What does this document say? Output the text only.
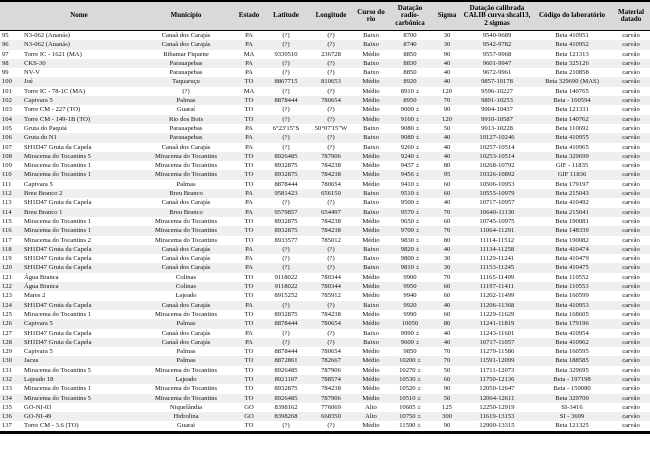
	Nome	Município	Estado	Latitude	Longitude	Curso do rio	Datação radio-carbônica	Sigma	Datação calibrada CALIB curva shcal13, 2 sigmas	Código do laboratório	Material datado
95	N3-062 (Ananás)	Canaã dos Carajás	PA	(?)	(?)	Baixo	8700	30	9540-9689	Beta 410951	carvão
96	N3-062 (Ananás)	Canaã dos Carajás	PA	(?)	(?)	Baixo	8740	30	9542-9782	Beta 410952	carvão
97	Torre IC - 1621 (MA)	Ribamar Fiquene	MA	9339510	236728	Médio	8850	90	9557-9968	Beta 121313	carvão
98	CKS-30	Parauapebas	PA	(?)	(?)	Baixo	8830	40	9601-9947	Beta 325126	carvão
99	NV-V	Parauapebas	PA	(?)	(?)	Baixo	8850	40	9672-9961	Beta 210858	carvão
100	Joé	Taquaruçu	TO	8867715	810653	Médio	8920	40	9857-10178	Beta 329690 (MAS)	carvão
101	Torre IC - 78-1C (MA)	(?)	MA	(?)	(?)	Médio	8910 ±	120	9596-10227	Beta 140765	carvão
102	Capivara 5	Palmas	TO	8878444	780654	Médio	8950	70	9891-10253	Beta - 160594	carvão
103	Torre CM - 227 (TO)	Guaraí	TO	(?)	(?)	Médio	9000 ±	90	9904-10437	Beta 121331	carvão
104	Torre CM - 149-1B (TO)	Rio dos Bois	TO	(?)	(?)	Médio	9160 ±	120	9910-10587	Beta 140762	carvão
105	Gruta do Paquiá	Parauapebas	PA	6°23'15"S	50°07'15"W	Baixo	9080 ±	50	9913-10228	Beta 110692	carvão
106	Gruta do N1	Parauapebas	PA	(?)	(?)	Baixo	9080 ±	40	10127-10246	Beta 410955	carvão
107	SH1D47 Gruta da Capela	Canaã dos Carajás	PA	(?)	(?)	Baixo	9260 ±	40	10257-10514	Beta 410965	carvão
108	Miracema do Tocantins 5	Miracema do Tocantins	TO	8926485	787906	Médio	9240 ±	40	10253-10514	Beta 329699	carvão
109	Miracema do Tocantins 1	Miracema do Tocantins	TO	8932875	784238	Médio	9437 ±	80	10268-10792	GIF - 11835	carvão
110	Miracema do Tocantins 1	Miracema do Tocantins	TO	8932875	784238	Médio	9456 ±	95	10326-10892	GIF 11836	carvão
111	Capivara 5	Palmas	TO	8878444	780654	Médio	9410 ±	60	10506-10953	Beta 179197	carvão
112	Breu Branco 2	Breu Branco	PA	9581423	656150	Baixo	9510 ±	60	10555-10979	Beta 215043	carvão
113	SH1D47 Gruta da Capela	Canaã dos Carajás	PA	(?)	(?)	Baixo	9500 ±	40	10717-10957	Beta 410492	carvão
114	Breu Branco 1	Breu Branco	PA	9579857	654497	Baixo	9570 ±	70	10640-11130	Beta 215041	carvão
115	Miracema do Tocantins 1	Miracema do Tocantins	TO	8932875	784238	Médio	9650 ±	60	10745-10975	Beta 190081	carvão
116	Miracema do Tocantins 1	Miracema do Tocantins	TO	8932875	784238	Médio	9700 ±	70	11064-11291	Beta 148339	carvão
117	Miracema do Tocantins 2	Miracema do Tocantins	TO	8933577	785012	Médio	9830 ±	80	11114-11512	Beta 190082	carvão
118	SH1D47 Gruta da Capela	Canaã dos Carajás	PA	(?)	(?)	Baixo	9820 ±	40	11134-11258	Beta 410474	carvão
119	SH1D47 Gruta da Capela	Canaã dos Carajás	PA	(?)	(?)	Baixo	9800 ±	30	11129-11241	Beta 410479	carvão
120	SH1D47 Gruta da Capela	Canaã dos Carajás	PA	(?)	(?)	Baixo	9810 ±	30	11153-11245	Beta 410475	carvão
121	Água Branca	Colinas	TO	9118022	780344	Médio	9900	70	11165-11499	Beta 110552	carvão
122	Água Branca	Colinas	TO	9118022	780344	Médio	9950	60	11197-11411	Beta 110553	carvão
123	Mares 2	Lajeado	TO	8915252	785912	Médio	9940	60	11202-11499	Beta 160599	carvão
124	SH1D47 Gruta da Capela	Canaã dos Carajás	PA	(?)	(?)	Baixo	9920	40	11206-11368	Beta 410953	carvão
125	Miracema do Tocantins 1	Miracema do Tocantins	TO	8932875	784238	Médio	9990	60	11229-11629	Beta 168605	carvão
126	Capivara 5	Palmas	TO	8878444	780654	Médio	10050	80	11241-11819	Beta 179196	carvão
127	SH1D47 Gruta da Capela	Canaã dos Carajás	PA	(?)	(?)	Baixo	9990 ±	40	11243-11601	Beta 410954	carvão
128	SH1D47 Gruta da Capela	Canaã dos Carajás	PA	(?)	(?)	Baixo	9600 ±	40	10717-11057	Beta 410962	carvão
129	Capivara 5	Palmas	TO	8878444	780654	Médio	9850	70	11279-11586	Beta 160595	carvão
130	Jacus	Palmas	TO	8872861	782667	Médio	10200 ±	70	11591-12099	Beta 188585	carvão
131	Miracema do Tocantins 5	Miracema do Tocantins	TO	8926485	787906	Médio	10270 ±	50	11711-12073	Beta 329695	carvão
132	Lajeado 18	Lajeado	TO	8921107	788574	Médio	10530 ±	60	11750-12136	Beta - 197198	carvão
133	Miracema do Tocantins 1	Miracema do Tocantins	TO	8932875	784238	Médio	10520 ±	90	12050-12647	Beta - 150080	carvão
134	Miracema do Tocantins 5	Miracema do Tocantins	TO	8926485	787906	Médio	10510 ±	50	12064-12611	Beta 329700	carvão
135	GO-NI-03	Niquelândia	GO	8398162	776069	Alto	10605 ±	125	12250-12919	SI-3416	carvão
136	GO-NI-49	Hidrolina	GO	8398268	668350	Alto	10750 ±	300	11619-13153	SI - 3699	carvão
137	Torre CM - 3.6 (TO)	Guaraí	TO	(?)	(?)	Médio	11590 ±	90	12900-13315	Beta 121325	carvão
